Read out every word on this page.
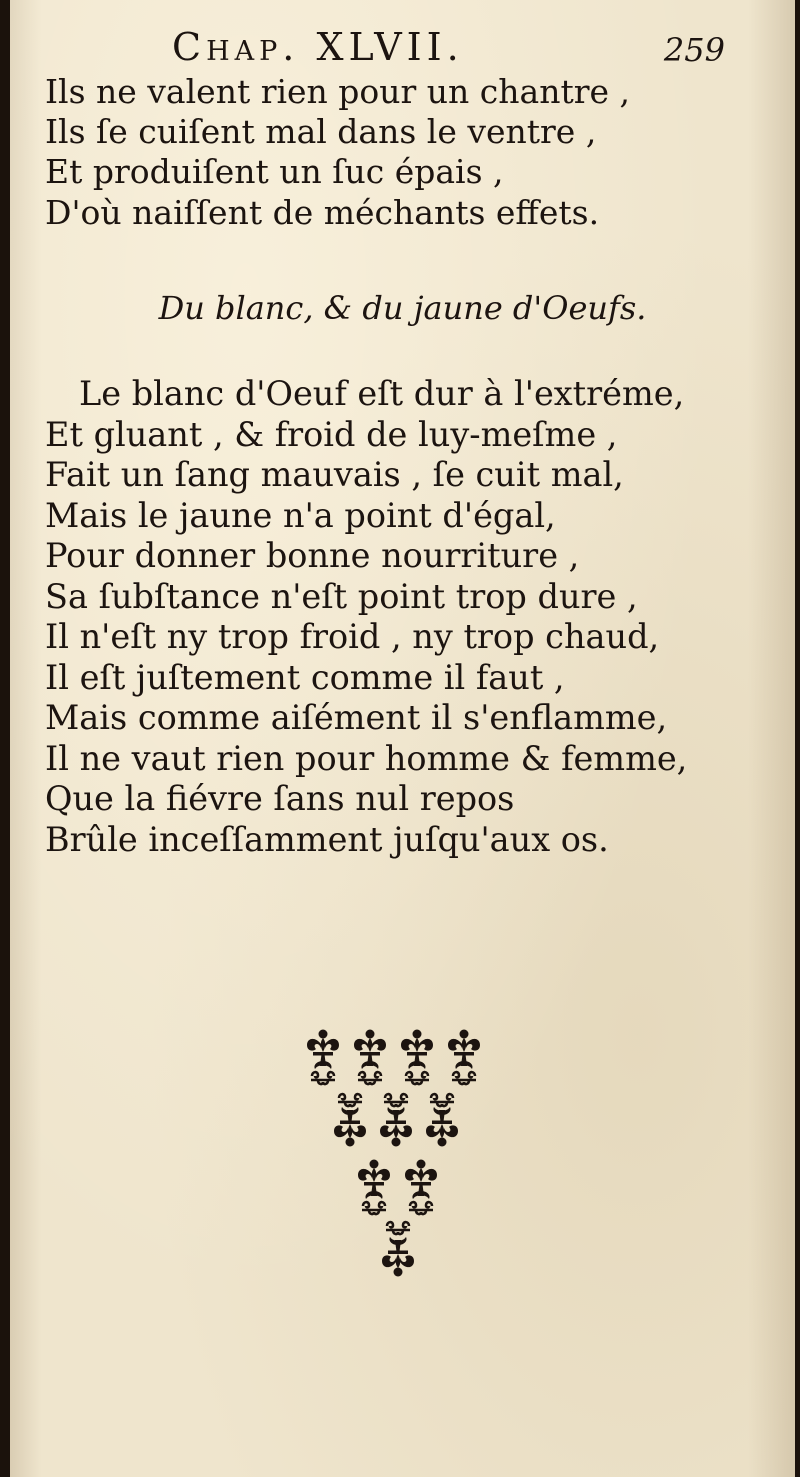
Chap. XLVII.	259
Ils ne valent rien pour un chantre ,
Ils ſe cuiſent mal dans le ventre ,
Et produiſent un ſuc épais ,
D'où naiſſent de méchants effets.
Du blanc, & du jaune d'Oeufs.
Le blanc d'Oeuf eſt dur à l'extréme,
Et gluant , & froid de luy-meſme ,
Fait un ſang mauvais , ſe cuit mal,
Mais le jaune n'a point d'égal,
Pour donner bonne nourriture ,
Sa ſubſtance n'eſt point trop dure ,
Il n'eſt ny trop froid , ny trop chaud,
Il eſt juſtement comme il faut ,
Mais comme aiſément il s'enflamme,
Il ne vaut rien pour homme & femme,
Que la fiévre ſans nul repos
Brûle inceſſamment juſqu'aux os.
